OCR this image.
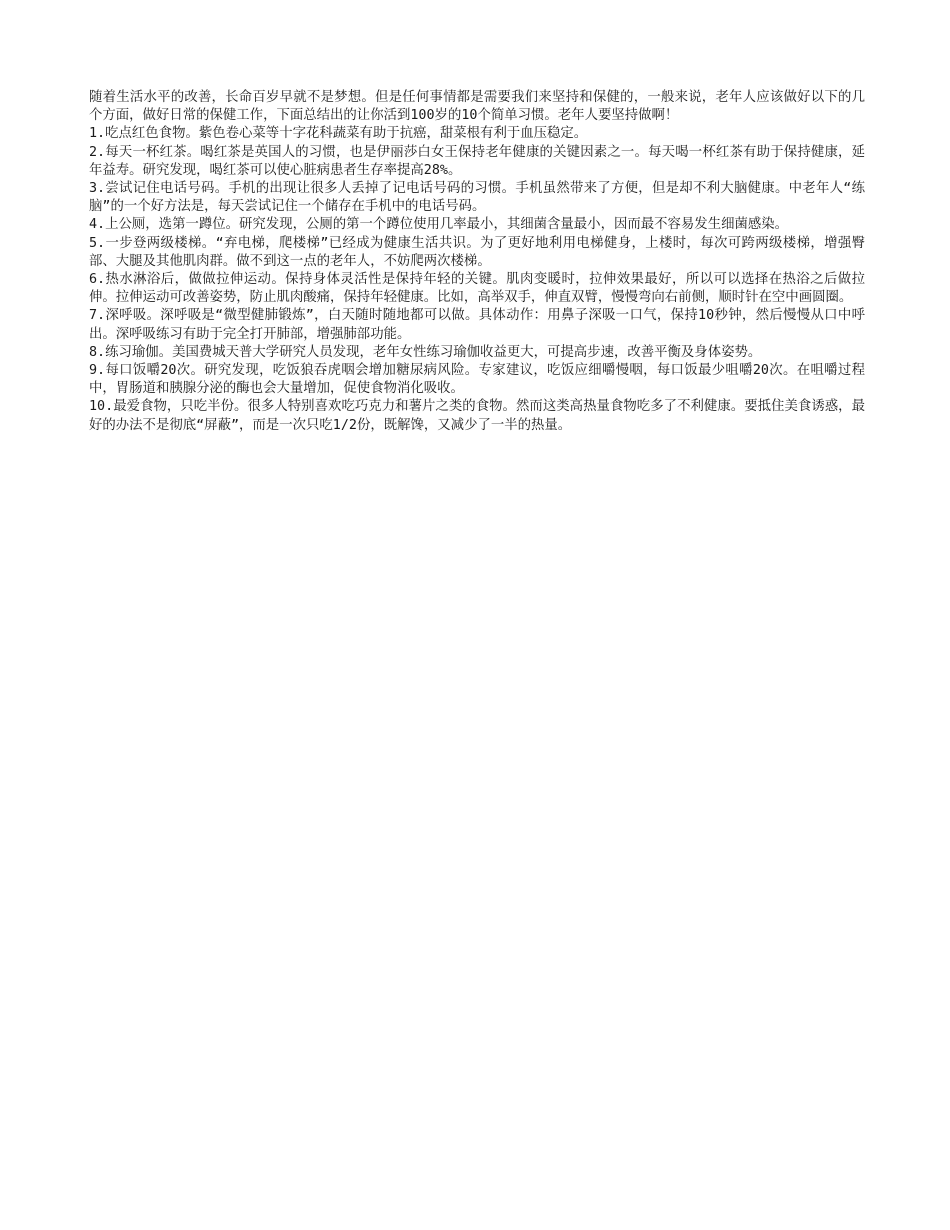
随着生活水平的改善，长命百岁早就不是梦想。但是任何事情都是需要我们来坚持和保健的，一般来说，老年人应该做好以下的几个方面，做好日常的保健工作，下面总结出的让你活到100岁的10个简单习惯。老年人要坚持做啊！

1.吃点红色食物。紫色卷心菜等十字花科蔬菜有助于抗癌，甜菜根有利于血压稳定。

2.每天一杯红茶。喝红茶是英国人的习惯，也是伊丽莎白女王保持老年健康的关键因素之一。每天喝一杯红茶有助于保持健康，延年益寿。研究发现，喝红茶可以使心脏病患者生存率提高28%。

3.尝试记住电话号码。手机的出现让很多人丢掉了记电话号码的习惯。手机虽然带来了方便，但是却不利大脑健康。中老年人“练脑”的一个好方法是，每天尝试记住一个储存在手机中的电话号码。

4.上公厕，选第一蹲位。研究发现，公厕的第一个蹲位使用几率最小，其细菌含量最小，因而最不容易发生细菌感染。

5.一步登两级楼梯。“弃电梯，爬楼梯”已经成为健康生活共识。为了更好地利用电梯健身，上楼时，每次可跨两级楼梯，增强臀部、大腿及其他肌肉群。做不到这一点的老年人，不妨爬两次楼梯。

6.热水淋浴后，做做拉伸运动。保持身体灵活性是保持年轻的关键。肌肉变暖时，拉伸效果最好，所以可以选择在热浴之后做拉伸。拉伸运动可改善姿势，防止肌肉酸痛，保持年轻健康。比如，高举双手，伸直双臂，慢慢弯向右前侧，顺时针在空中画圆圈。

7.深呼吸。深呼吸是“微型健肺锻炼”，白天随时随地都可以做。具体动作：用鼻子深吸一口气，保持10秒钟，然后慢慢从口中呼出。深呼吸练习有助于完全打开肺部，增强肺部功能。

8.练习瑜伽。美国费城天普大学研究人员发现，老年女性练习瑜伽收益更大，可提高步速，改善平衡及身体姿势。

9.每口饭嚼20次。研究发现，吃饭狼吞虎咽会增加糖尿病风险。专家建议，吃饭应细嚼慢咽，每口饭最少咀嚼20次。在咀嚼过程中，胃肠道和胰腺分泌的酶也会大量增加，促使食物消化吸收。

10.最爱食物，只吃半份。很多人特别喜欢吃巧克力和薯片之类的食物。然而这类高热量食物吃多了不利健康。要抵住美食诱惑，最好的办法不是彻底“屏蔽”，而是一次只吃1/2份，既解馋，又减少了一半的热量。
